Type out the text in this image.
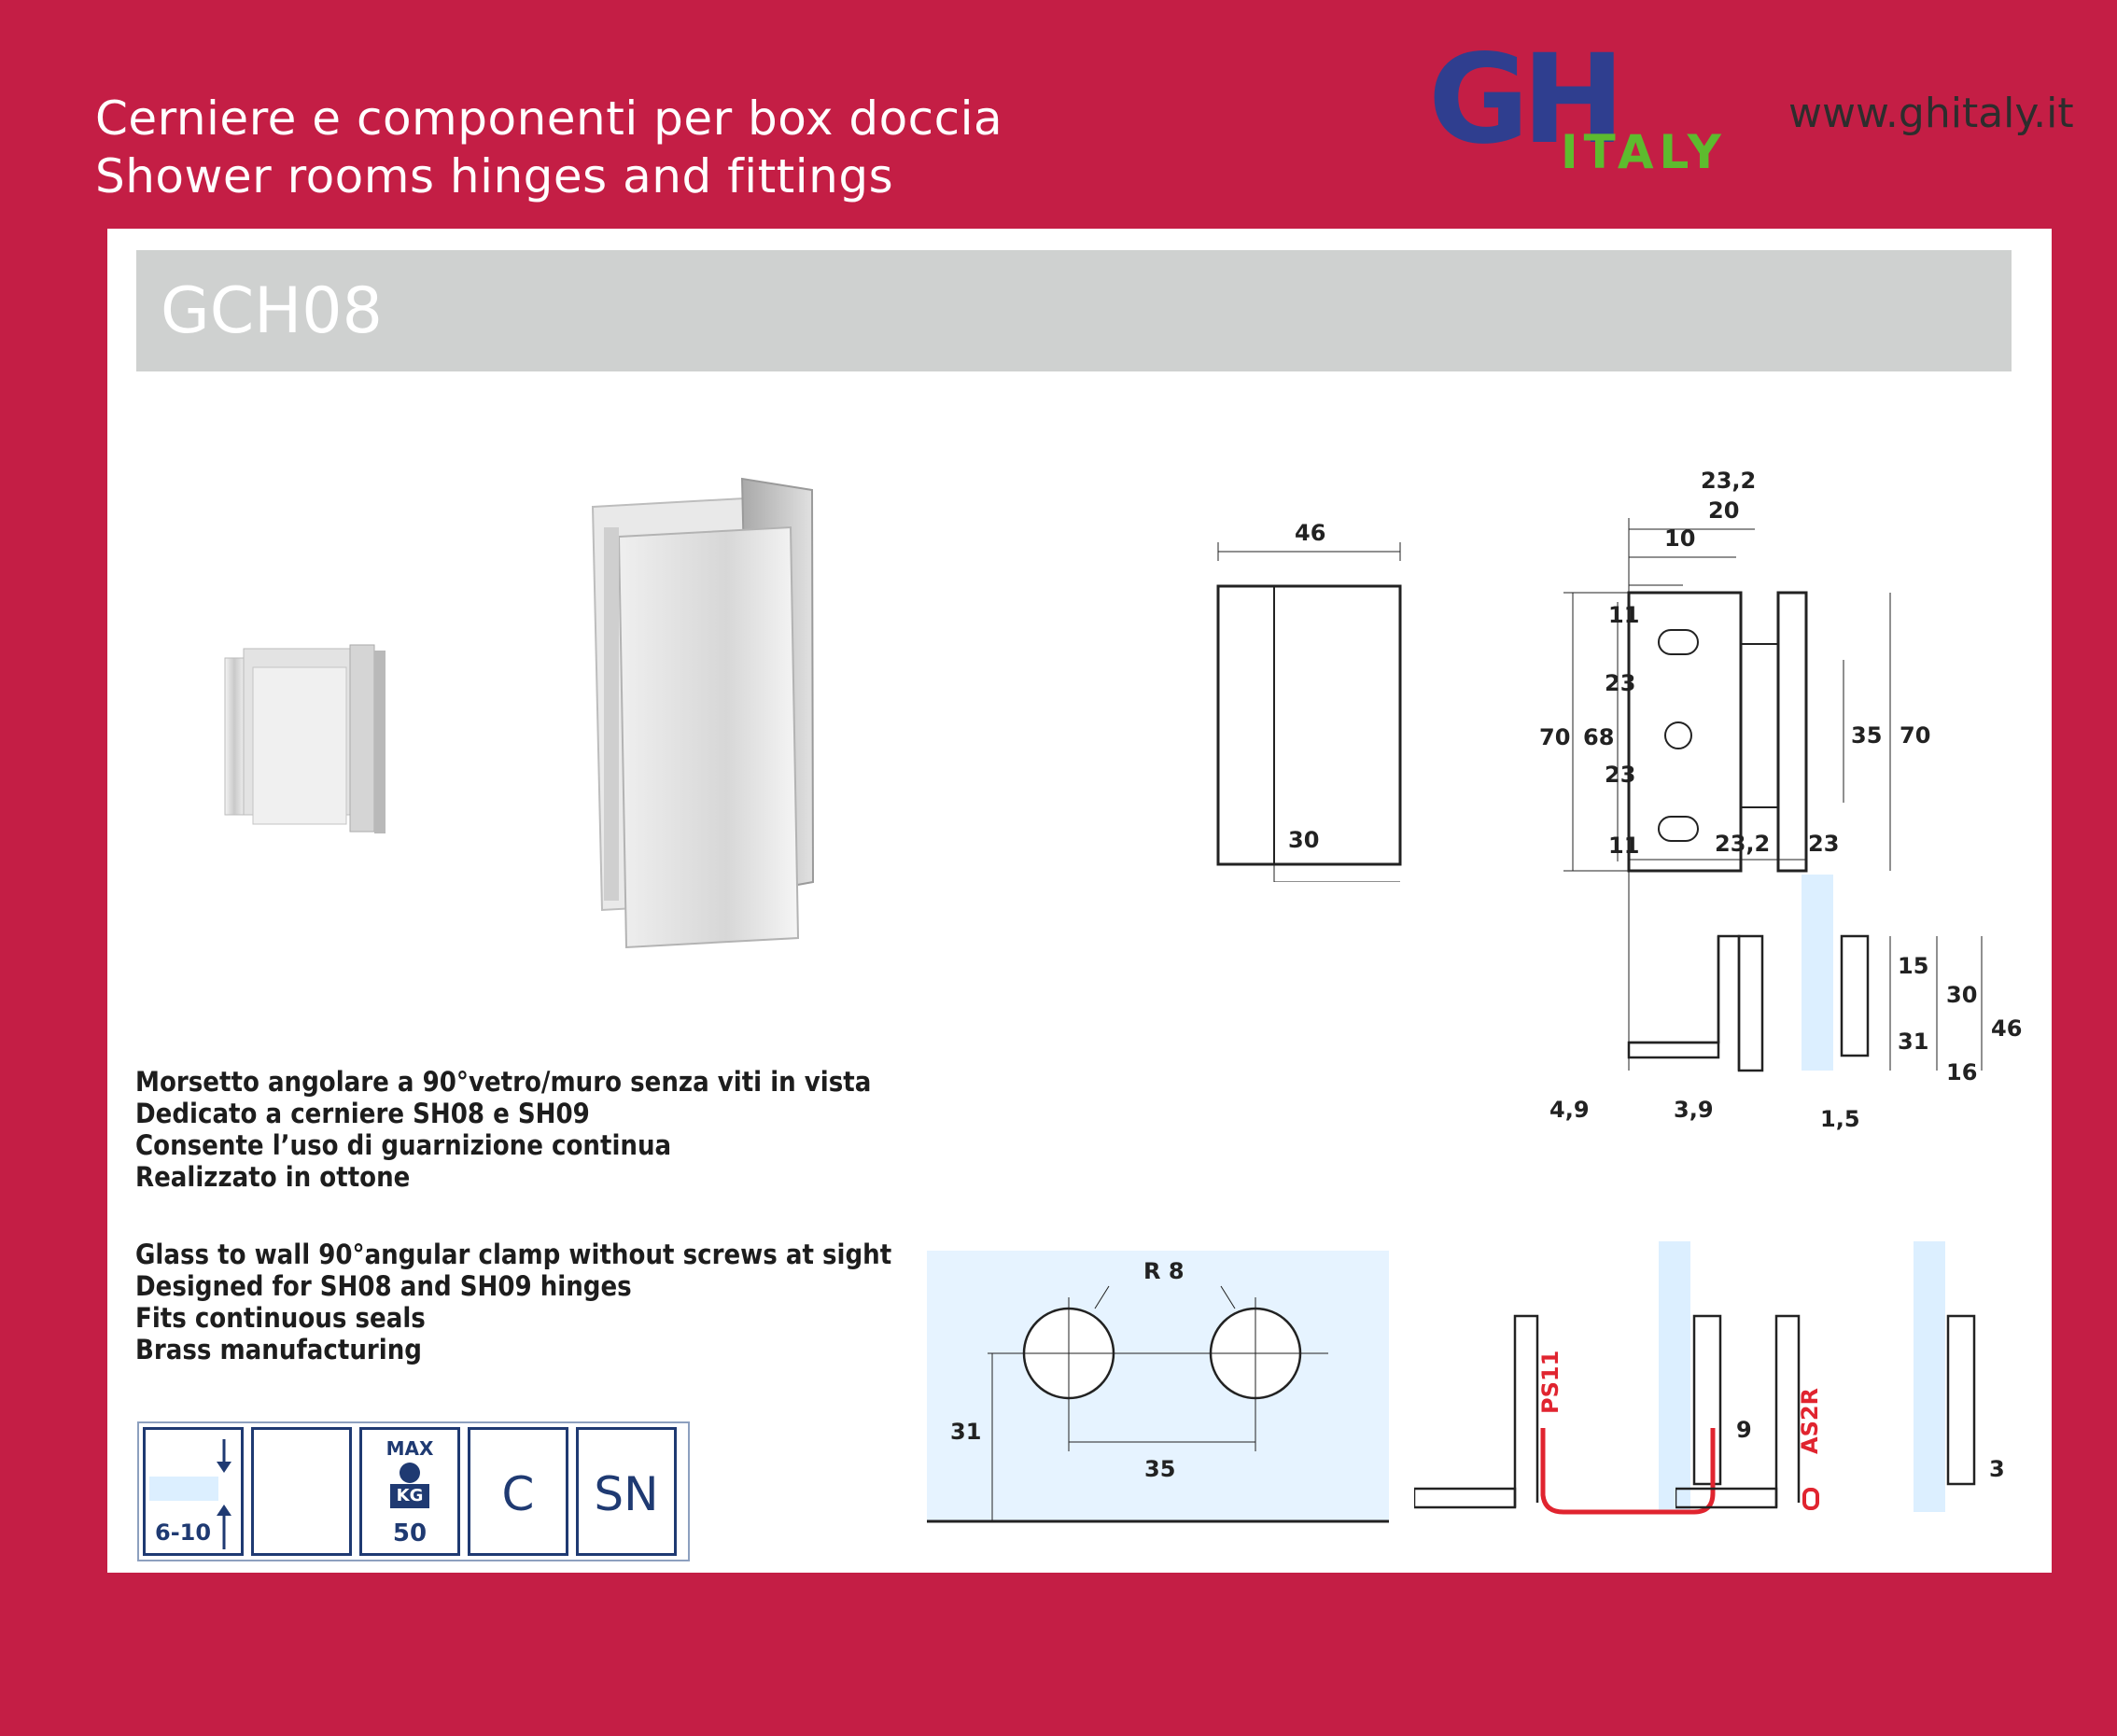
Cerniere e componenti per box doccia
Shower rooms hinges and fittings
GH
ITALY
www.ghitaly.it
GCH08
46
30
23,2
20
10
70 68
11
23
23
11
35 70
23,2 23
15
30
46
31
16
4,9	3,9	1,5
R 8
31
35
PS11
9 AS2R
3
Morsetto angolare a 90°vetro/muro senza viti in vista
Dedicato a cerniere SH08 e SH09
Consente l’uso di guarnizione continua
Realizzato in ottone
Glass to wall 90°angular clamp without screws at sight
Designed for SH08 and SH09 hinges
Fits continuous seals
Brass manufacturing
6-10
MAX
KG
50
C	SN
